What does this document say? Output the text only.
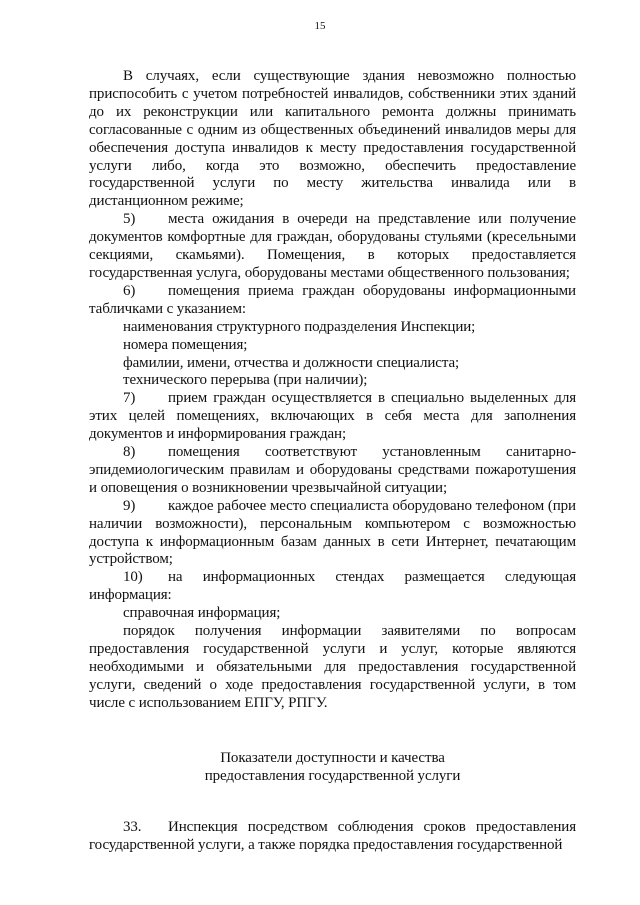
15

В случаях, если существующие здания невозможно полностью приспособить с учетом потребностей инвалидов, собственники этих зданий до их реконструкции или капитального ремонта должны принимать согласованные с одним из общественных объединений инвалидов меры для обеспечения доступа инвалидов к месту предоставления государственной услуги либо, когда это возможно, обеспечить предоставление государственной услуги по месту жительства инвалида или в дистанционном режиме;

5) места ожидания в очереди на представление или получение документов комфортные для граждан, оборудованы стульями (кресельными секциями, скамьями). Помещения, в которых предоставляется государственная услуга, оборудованы местами общественного пользования;

6) помещения приема граждан оборудованы информационными табличками с указанием:

наименования структурного подразделения Инспекции;

номера помещения;

фамилии, имени, отчества и должности специалиста;

технического перерыва (при наличии);

7) прием граждан осуществляется в специально выделенных для этих целей помещениях, включающих в себя места для заполнения документов и информирования граждан;

8) помещения соответствуют установленным санитарно-эпидемиологическим правилам и оборудованы средствами пожаротушения и оповещения о возникновении чрезвычайной ситуации;

9) каждое рабочее место специалиста оборудовано телефоном (при наличии возможности), персональным компьютером с возможностью доступа к информационным базам данных в сети Интернет, печатающим устройством;

10) на информационных стендах размещается следующая информация:

справочная информация;

порядок получения информации заявителями по вопросам предоставления государственной услуги и услуг, которые являются необходимыми и обязательными для предоставления государственной услуги, сведений о ходе предоставления государственной услуги, в том числе с использованием ЕПГУ, РПГУ.

Показатели доступности и качества
предоставления государственной услуги

33. Инспекция посредством соблюдения сроков предоставления государственной услуги, а также порядка предоставления государственной
